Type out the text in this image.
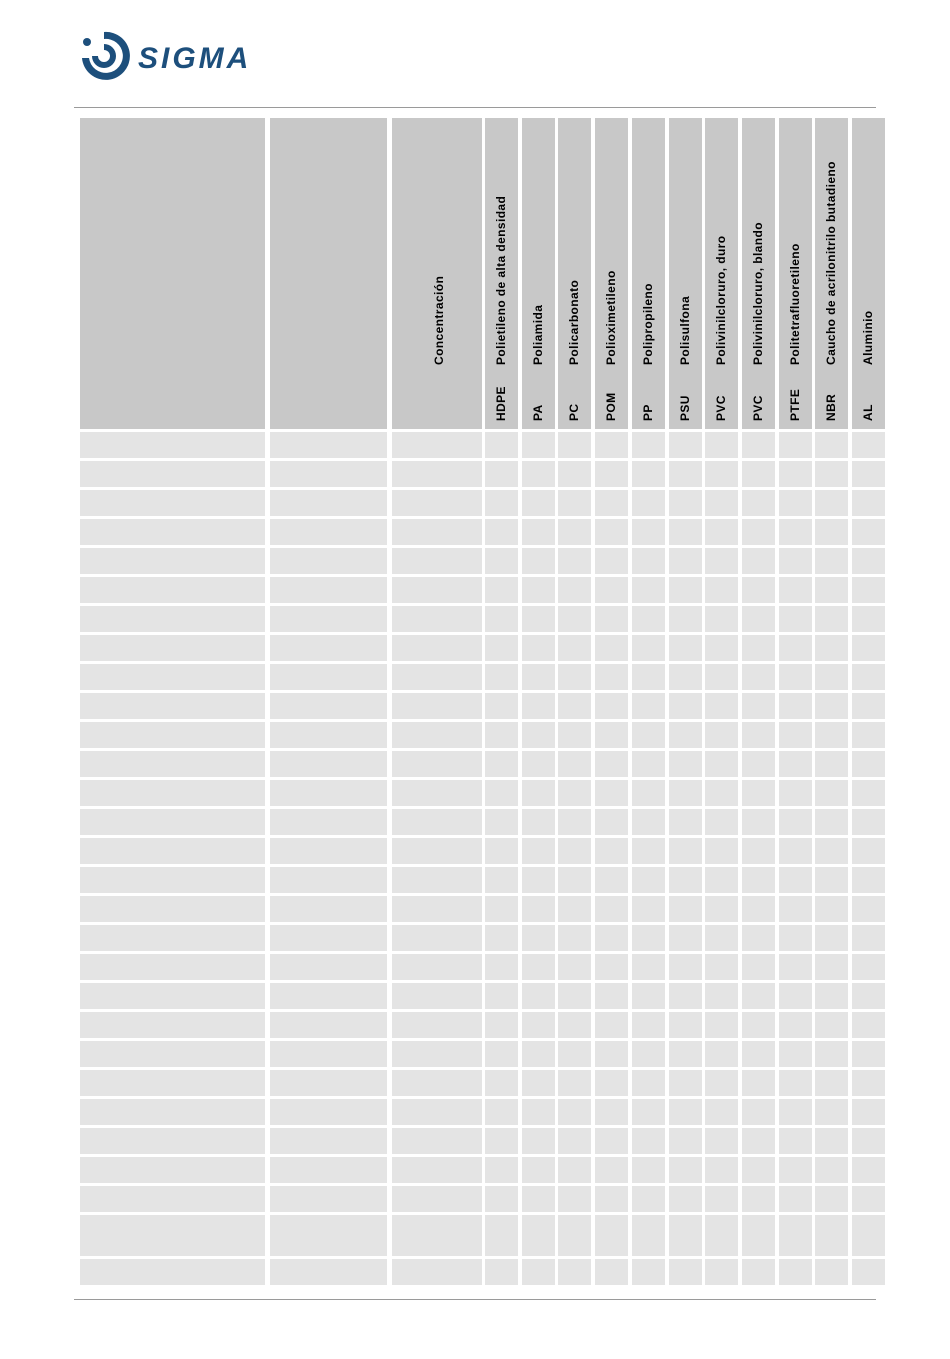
SIGMA
Concentración
HDPE
Polietileno de alta densidad
PA
Poliamida
PC
Policarbonato
POM
Polioximetileno
PP
Polipropileno
PSU
Polisulfona
PVC
Polivinilcloruro, duro
PVC
Polivinilcloruro, blando
PTFE
Politetrafluoretileno
NBR
Caucho de acrilonitrilo butadieno
AL
Aluminio
